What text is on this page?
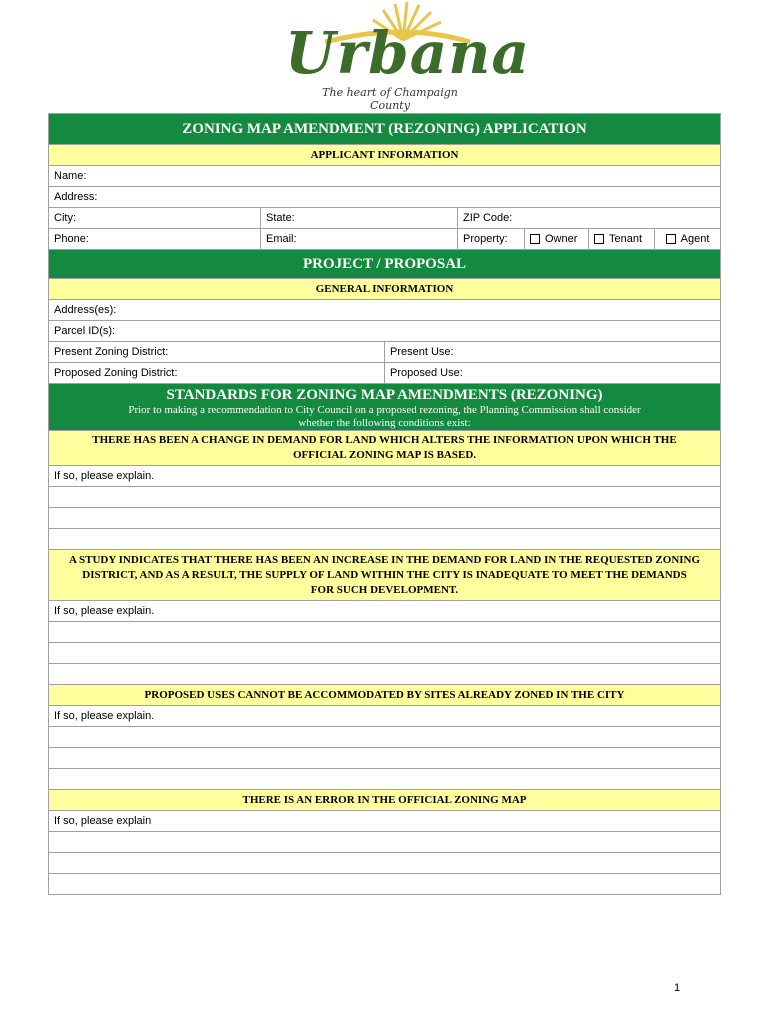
Urbana
The heart of Champaign County
ZONING MAP AMENDMENT (REZONING) APPLICATION
APPLICANT INFORMATION
Name:
Address:
City:	State:	ZIP Code:
Phone:	Email:	Property:	Owner	Tenant	Agent
PROJECT / PROPOSAL
GENERAL INFORMATION
Address(es):
Parcel ID(s):
Present Zoning District:	Present Use:
Proposed Zoning District:	Proposed Use:
STANDARDS FOR ZONING MAP AMENDMENTS (REZONING)
Prior to making a recommendation to City Council on a proposed rezoning, the Planning Commission shall consider
whether the following conditions exist:
THERE HAS BEEN A CHANGE IN DEMAND FOR LAND WHICH ALTERS THE INFORMATION UPON WHICH THE
OFFICIAL ZONING MAP IS BASED.
If so, please explain.
A STUDY INDICATES THAT THERE HAS BEEN AN INCREASE IN THE DEMAND FOR LAND IN THE REQUESTED ZONING
DISTRICT, AND AS A RESULT, THE SUPPLY OF LAND WITHIN THE CITY IS INADEQUATE TO MEET THE DEMANDS
FOR SUCH DEVELOPMENT.
If so, please explain.
PROPOSED USES CANNOT BE ACCOMMODATED BY SITES ALREADY ZONED IN THE CITY
If so, please explain.
THERE IS AN ERROR IN THE OFFICIAL ZONING MAP
If so, please explain
1
